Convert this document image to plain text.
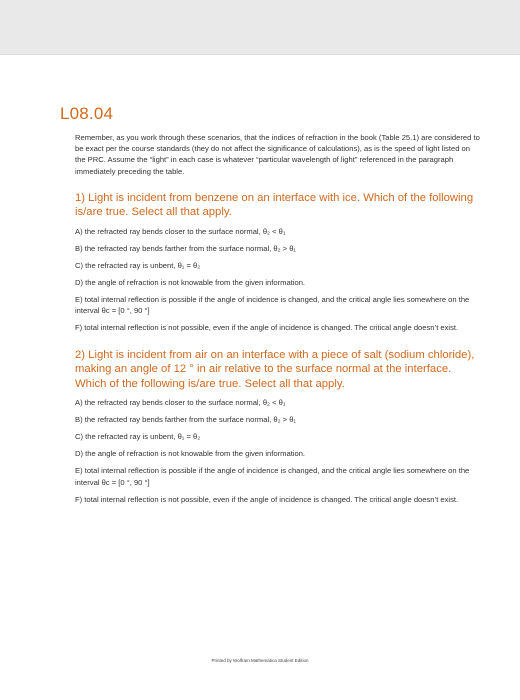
L08.04

Remember, as you work through these scenarios, that the indices of refraction in the book (Table 25.1) are considered to be exact per the course standards (they do not affect the significance of calculations), as is the speed of light listed on the PRC. Assume the “light” in each case is whatever “particular wavelength of light” referenced in the paragraph immediately preceding the table.

1) Light is incident from benzene on an interface with ice. Which of the following is/are true. Select all that apply.

A) the refracted ray bends closer to the surface normal, θ₂ < θ₁

B) the refracted ray bends farther from the surface normal, θ₂ > θ₁

C) the refracted ray is unbent, θ₁ = θ₂

D) the angle of refraction is not knowable from the given information.

E) total internal reflection is possible if the angle of incidence is changed, and the critical angle lies somewhere on the interval θc = [0 °, 90 °]

F) total internal reflection is not possible, even if the angle of incidence is changed. The critical angle doesn’t exist.

2) Light is incident from air on an interface with a piece of salt (sodium chloride), making an angle of 12 ° in air relative to the surface normal at the interface. Which of the following is/are true. Select all that apply.

A) the refracted ray bends closer to the surface normal, θ₂ < θ₁

B) the refracted ray bends farther from the surface normal, θ₂ > θ₁

C) the refracted ray is unbent, θ₁ = θ₂

D) the angle of refraction is not knowable from the given information.

E) total internal reflection is possible if the angle of incidence is changed, and the critical angle lies somewhere on the interval θc = [0 °, 90 °]

F) total internal reflection is not possible, even if the angle of incidence is changed. The critical angle doesn’t exist.

Printed by Wolfram Mathematica Student Edition
